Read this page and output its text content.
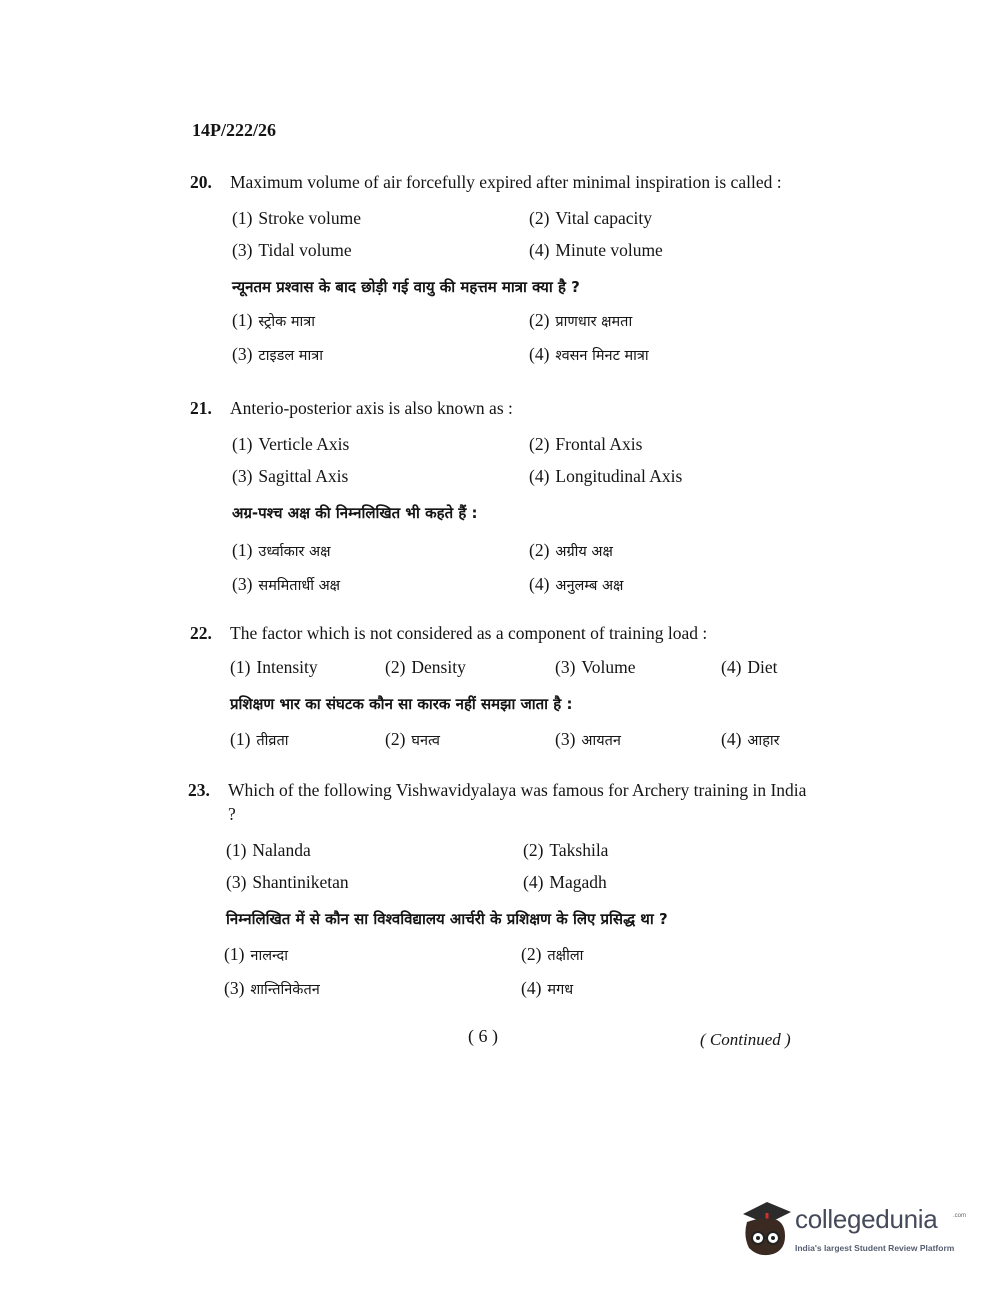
14P/222/26
20.	Maximum volume of air forcefully expired after minimal inspiration is called :
(1) Stroke volume	(2) Vital capacity
(3) Tidal volume	(4) Minute volume
न्यूनतम प्रश्वास के बाद छोड़ी गई वायु की महत्तम मात्रा क्या है ?
(1) स्ट्रोक मात्रा	(2) प्राणधार क्षमता
(3) टाइडल मात्रा	(4) श्वसन मिनट मात्रा
21.	Anterio-posterior axis is also known as :
(1) Verticle Axis	(2) Frontal Axis
(3) Sagittal Axis	(4) Longitudinal Axis
अग्र-पश्च अक्ष की निम्नलिखित भी कहते हैं :
(1) उर्ध्वाकार अक्ष	(2) अग्रीय अक्ष
(3) सममितार्धी अक्ष	(4) अनुलम्ब अक्ष
22.	The factor which is not considered as a component of training load :
(1) Intensity	(2) Density	(3) Volume	(4) Diet
प्रशिक्षण भार का संघटक कौन सा कारक नहीं समझा जाता है :
(1) तीव्रता	(2) घनत्व	(3) आयतन	(4) आहार
23.	Which of the following Vishwavidyalaya was famous for Archery training in India ?
(1) Nalanda	(2) Takshila
(3) Shantiniketan	(4) Magadh
निम्नलिखित में से कौन सा विश्वविद्यालय आर्चरी के प्रशिक्षण के लिए प्रसिद्ध था ?
(1) नालन्दा	(2) तक्षीला
(3) शान्तिनिकेतन	(4) मगध
( 6 )	( Continued )
collegedunia	.com
India's largest Student Review Platform
